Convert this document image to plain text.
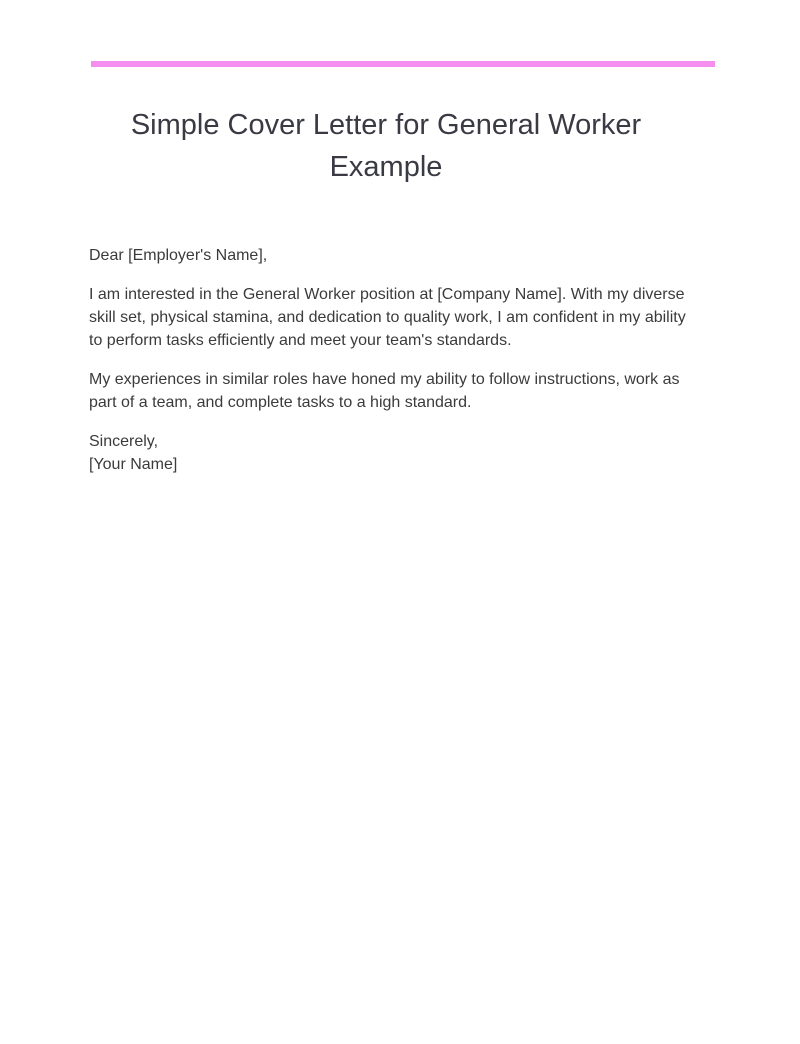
Simple Cover Letter for General Worker Example

Dear [Employer's Name],

I am interested in the General Worker position at [Company Name]. With my diverse skill set, physical stamina, and dedication to quality work, I am confident in my ability to perform tasks efficiently and meet your team's standards.

My experiences in similar roles have honed my ability to follow instructions, work as part of a team, and complete tasks to a high standard.

Sincerely,
[Your Name]
